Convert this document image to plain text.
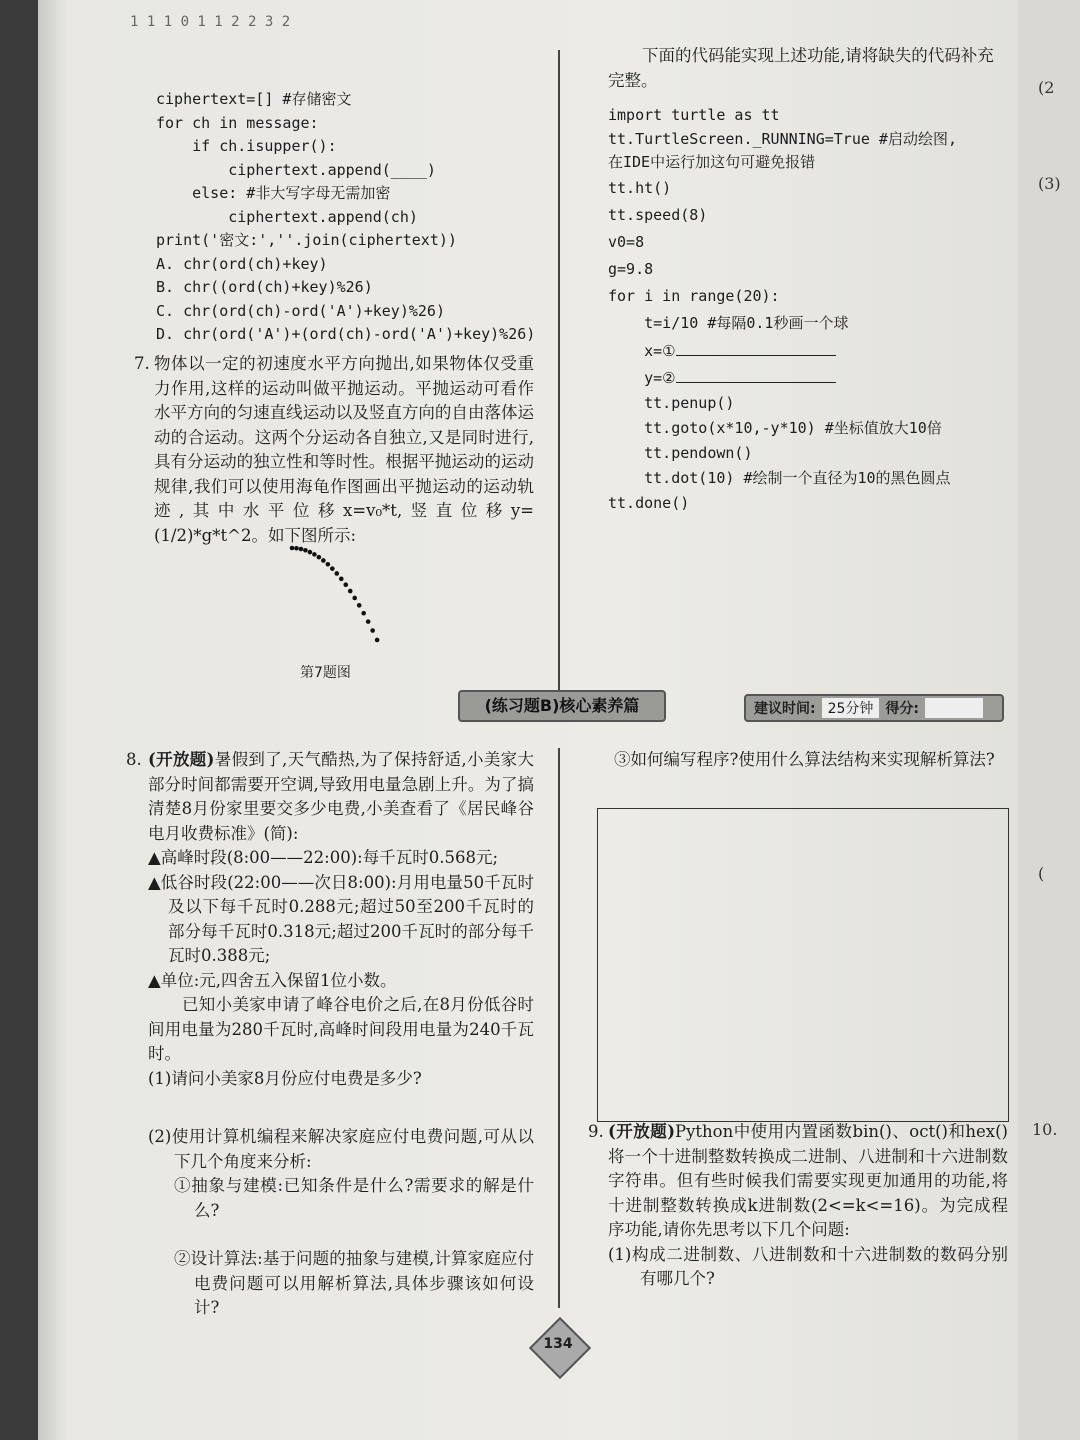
(2
(3)
(
10.
1 1 1 0 1 1 2 2 3 2
ciphertext=[] #存储密文
for ch in message:
if ch.isupper():
ciphertext.append(____)
else: #非大写字母无需加密
ciphertext.append(ch)
print('密文:',''.join(ciphertext))
A. chr(ord(ch)+key)
B. chr((ord(ch)+key)%26)
C. chr(ord(ch)-ord('A')+key)%26)
D. chr(ord('A')+(ord(ch)-ord('A')+key)%26)
7. 物体以一定的初速度水平方向抛出,如果物体仅受重力作用,这样的运动叫做平抛运动。平抛运动可看作水平方向的匀速直线运动以及竖直方向的自由落体运动的合运动。这两个分运动各自独立,又是同时进行,具有分运动的独立性和等时性。根据平抛运动的运动规律,我们可以使用海龟作图画出平抛运动的运动轨迹,其中水平位移x=v₀*t,竖直位移y=(1/2)*g*t^2。如下图所示:
第7题图
下面的代码能实现上述功能,请将缺失的代码补充完整。
import turtle as tt
tt.TurtleScreen._RUNNING=True #启动绘图,
在IDE中运行加这句可避免报错
tt.ht()
tt.speed(8)
v0=8
g=9.8
for i in range(20):
t=i/10 #每隔0.1秒画一个球
x=①
y=②
tt.penup()
tt.goto(x*10,-y*10) #坐标值放大10倍
tt.pendown()
tt.dot(10) #绘制一个直径为10的黑色圆点
tt.done()
(练习题B)核心素养篇	建议时间: 25分钟 得分:
8. (开放题)暑假到了,天气酷热,为了保持舒适,小美家大部分时间都需要开空调,导致用电量急剧上升。为了搞清楚8月份家里要交多少电费,小美查看了《居民峰谷电月收费标准》(简):
▲高峰时段(8:00——22:00):每千瓦时0.568元;
▲低谷时段(22:00——次日8:00):月用电量50千瓦时及以下每千瓦时0.288元;超过50至200千瓦时的部分每千瓦时0.318元;超过200千瓦时的部分每千瓦时0.388元;
▲单位:元,四舍五入保留1位小数。
已知小美家申请了峰谷电价之后,在8月份低谷时间用电量为280千瓦时,高峰时间段用电量为240千瓦时。
(1)请问小美家8月份应付电费是多少?
(2)使用计算机编程来解决家庭应付电费问题,可从以下几个角度来分析:
①抽象与建模:已知条件是什么?需要求的解是什么?
②设计算法:基于问题的抽象与建模,计算家庭应付电费问题可以用解析算法,具体步骤该如何设计?
③如何编写程序?使用什么算法结构来实现解析算法?
9. (开放题)Python中使用内置函数bin()、oct()和hex()将一个十进制整数转换成二进制、八进制和十六进制数字符串。但有些时候我们需要实现更加通用的功能,将十进制整数转换成k进制数(2<=k<=16)。为完成程序功能,请你先思考以下几个问题:
(1)构成二进制数、八进制数和十六进制数的数码分别有哪几个?
134
